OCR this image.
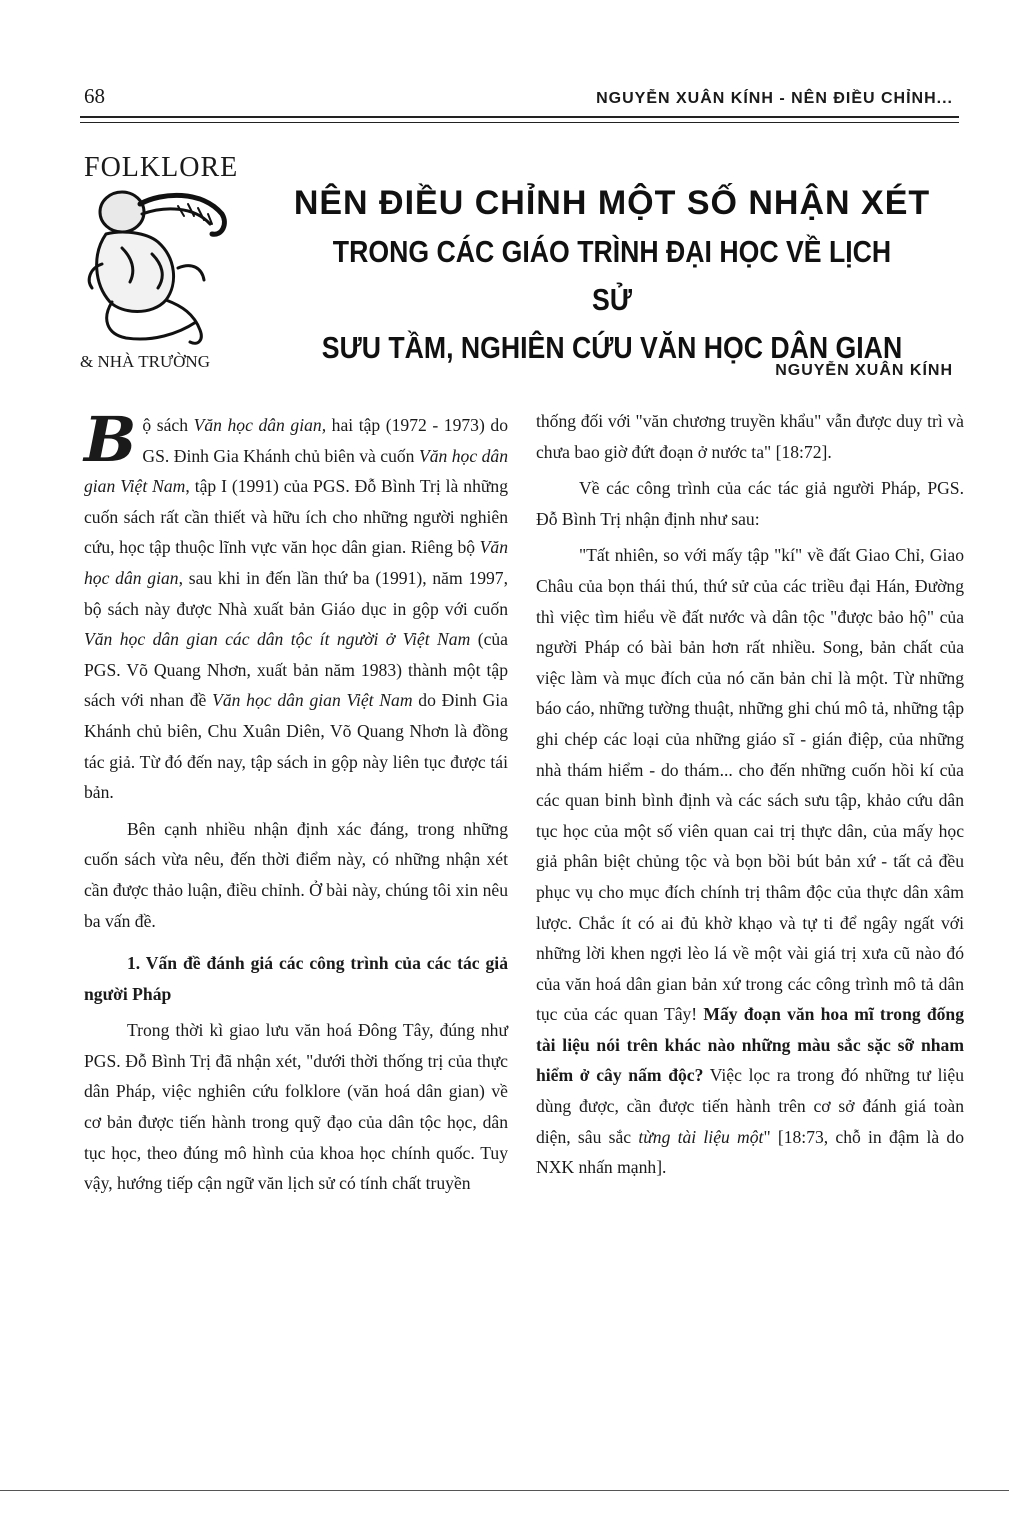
68	NGUYỄN XUÂN KÍNH - NÊN ĐIỀU CHỈNH...
FOLKLORE
& NHÀ TRƯỜNG
NÊN ĐIỀU CHỈNH MỘT SỐ NHẬN XÉT
TRONG CÁC GIÁO TRÌNH ĐẠI HỌC VỀ LỊCH SỬ
SƯU TẦM, NGHIÊN CỨU VĂN HỌC DÂN GIAN
NGUYỄN XUÂN KÍNH

Bộ sách Văn học dân gian, hai tập (1972 - 1973) do GS. Đinh Gia Khánh chủ biên và cuốn Văn học dân gian Việt Nam, tập I (1991) của PGS. Đỗ Bình Trị là những cuốn sách rất cần thiết và hữu ích cho những người nghiên cứu, học tập thuộc lĩnh vực văn học dân gian. Riêng bộ Văn học dân gian, sau khi in đến lần thứ ba (1991), năm 1997, bộ sách này được Nhà xuất bản Giáo dục in gộp với cuốn Văn học dân gian các dân tộc ít người ở Việt Nam (của PGS. Võ Quang Nhơn, xuất bản năm 1983) thành một tập sách với nhan đề Văn học dân gian Việt Nam do Đinh Gia Khánh chủ biên, Chu Xuân Diên, Võ Quang Nhơn là đồng tác giả. Từ đó đến nay, tập sách in gộp này liên tục được tái bản.

Bên cạnh nhiều nhận định xác đáng, trong những cuốn sách vừa nêu, đến thời điểm này, có những nhận xét cần được thảo luận, điều chỉnh. Ở bài này, chúng tôi xin nêu ba vấn đề.

1. Vấn đề đánh giá các công trình của các tác giả người Pháp

Trong thời kì giao lưu văn hoá Đông Tây, đúng như PGS. Đỗ Bình Trị đã nhận xét, "dưới thời thống trị của thực dân Pháp, việc nghiên cứu folklore (văn hoá dân gian) về cơ bản được tiến hành trong quỹ đạo của dân tộc học, dân tục học, theo đúng mô hình của khoa học chính quốc. Tuy vậy, hướng tiếp cận ngữ văn lịch sử có tính chất truyền

thống đối với "văn chương truyền khẩu" vẫn được duy trì và chưa bao giờ đứt đoạn ở nước ta" [18:72].

Về các công trình của các tác giả người Pháp, PGS. Đỗ Bình Trị nhận định như sau:

"Tất nhiên, so với mấy tập "kí" về đất Giao Chỉ, Giao Châu của bọn thái thú, thứ sử của các triều đại Hán, Đường thì việc tìm hiểu về đất nước và dân tộc "được bảo hộ" của người Pháp có bài bản hơn rất nhiều. Song, bản chất của việc làm và mục đích của nó căn bản chỉ là một. Từ những báo cáo, những tường thuật, những ghi chú mô tả, những tập ghi chép các loại của những giáo sĩ - gián điệp, của những nhà thám hiểm - do thám... cho đến những cuốn hồi kí của các quan binh bình định và các sách sưu tập, khảo cứu dân tục học của một số viên quan cai trị thực dân, của mấy học giả phân biệt chủng tộc và bọn bồi bút bản xứ - tất cả đều phục vụ cho mục đích chính trị thâm độc của thực dân xâm lược. Chắc ít có ai đủ khờ khạo và tự ti để ngây ngất với những lời khen ngợi lèo lá về một vài giá trị xưa cũ nào đó của văn hoá dân gian bản xứ trong các công trình mô tả dân tục của các quan Tây! Mấy đoạn văn hoa mĩ trong đống tài liệu nói trên khác nào những màu sắc sặc sỡ nham hiểm ở cây nấm độc? Việc lọc ra trong đó những tư liệu dùng được, cần được tiến hành trên cơ sở đánh giá toàn diện, sâu sắc từng tài liệu một" [18:73, chỗ in đậm là do NXK nhấn mạnh].
